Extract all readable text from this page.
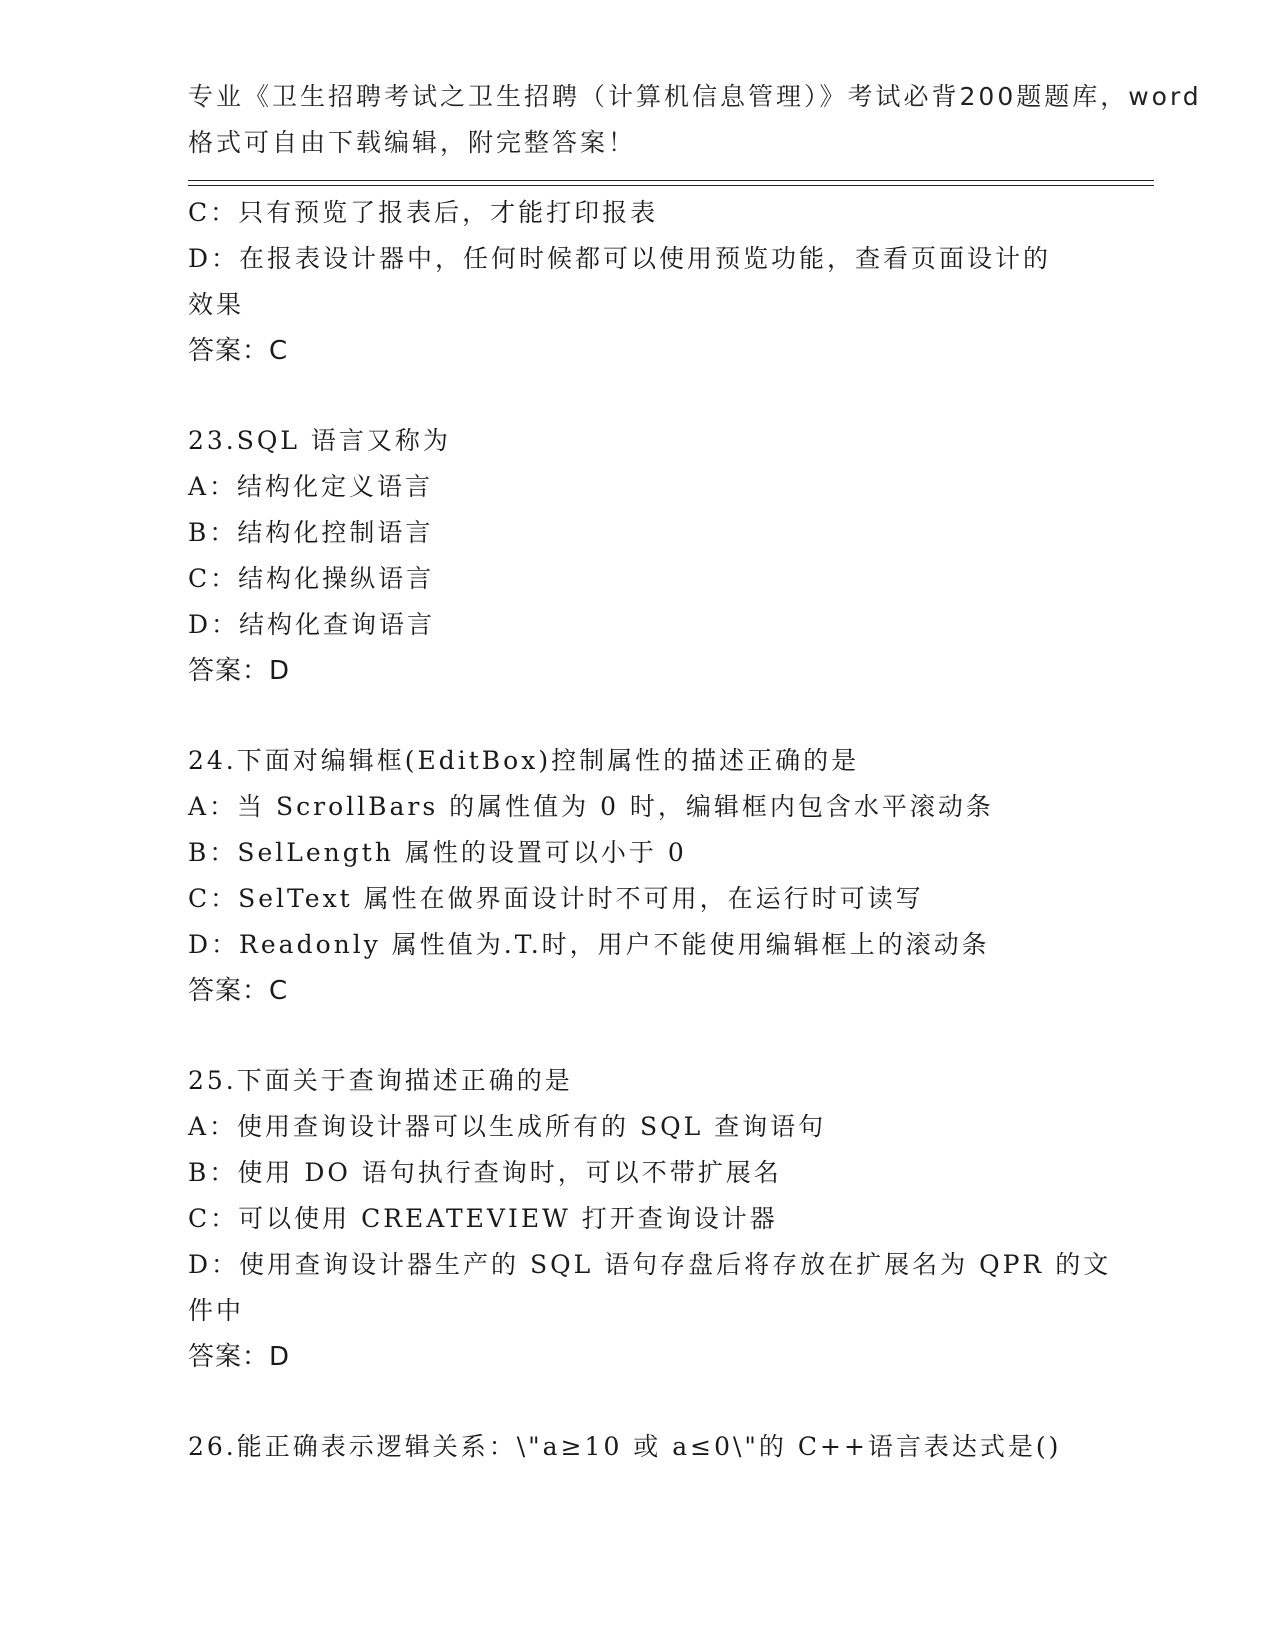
专业《卫生招聘考试之卫生招聘（计算机信息管理）》考试必背200题题库，word
格式可自由下载编辑，附完整答案！
C：只有预览了报表后，才能打印报表
D：在报表设计器中，任何时候都可以使用预览功能，查看页面设计的
效果
答案：C
23.SQL 语言又称为
A：结构化定义语言
B：结构化控制语言
C：结构化操纵语言
D：结构化查询语言
答案：D
24.下面对编辑框(EditBox)控制属性的描述正确的是
A：当 ScrollBars 的属性值为 0 时，编辑框内包含水平滚动条
B：SelLength 属性的设置可以小于 0
C：SelText 属性在做界面设计时不可用，在运行时可读写
D：Readonly 属性值为.T.时，用户不能使用编辑框上的滚动条
答案：C
25.下面关于查询描述正确的是
A：使用查询设计器可以生成所有的 SQL 查询语句
B：使用 DO 语句执行查询时，可以不带扩展名
C：可以使用 CREATEVIEW 打开查询设计器
D：使用查询设计器生产的 SQL 语句存盘后将存放在扩展名为 QPR 的文
件中
答案：D
26.能正确表示逻辑关系：\"a≥10 或 a≤0\"的 C++语言表达式是()
